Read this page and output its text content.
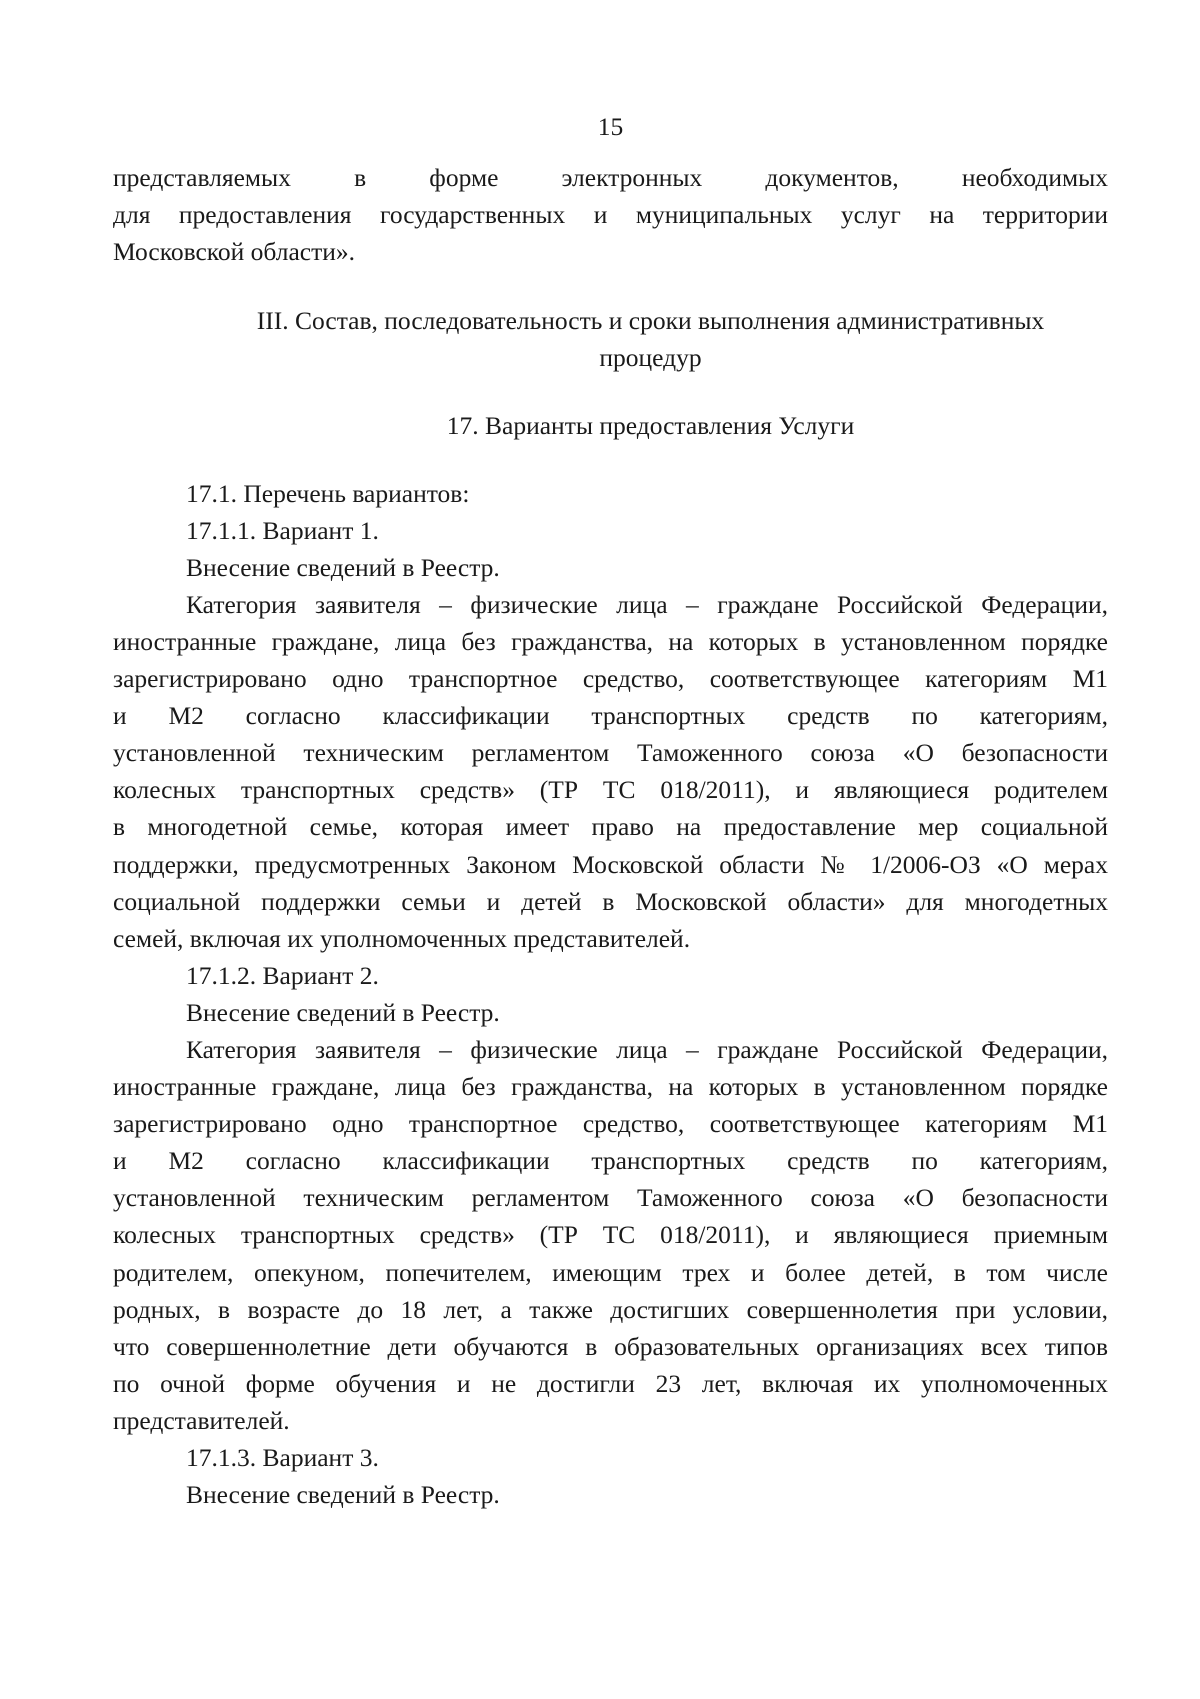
15
представляемых в форме электронных документов, необходимых
для предоставления государственных и муниципальных услуг на территории
Московской области».
III. Состав, последовательность и сроки выполнения административных
процедур
17. Варианты предоставления Услуги
17.1. Перечень вариантов:
17.1.1. Вариант 1.
Внесение сведений в Реестр.
Категория заявителя – физические лица – граждане Российской Федерации,
иностранные граждане, лица без гражданства, на которых в установленном порядке
зарегистрировано одно транспортное средство, соответствующее категориям М1
и М2 согласно классификации транспортных средств по категориям,
установленной техническим регламентом Таможенного союза «О безопасности
колесных транспортных средств» (ТР ТС 018/2011), и являющиеся родителем
в многодетной семье, которая имеет право на предоставление мер социальной
поддержки, предусмотренных Законом Московской области № 1/2006-ОЗ «О мерах
социальной поддержки семьи и детей в Московской области» для многодетных
семей, включая их уполномоченных представителей.
17.1.2. Вариант 2.
Внесение сведений в Реестр.
Категория заявителя – физические лица – граждане Российской Федерации,
иностранные граждане, лица без гражданства, на которых в установленном порядке
зарегистрировано одно транспортное средство, соответствующее категориям М1
и М2 согласно классификации транспортных средств по категориям,
установленной техническим регламентом Таможенного союза «О безопасности
колесных транспортных средств» (ТР ТС 018/2011), и являющиеся приемным
родителем, опекуном, попечителем, имеющим трех и более детей, в том числе
родных, в возрасте до 18 лет, а также достигших совершеннолетия при условии,
что совершеннолетние дети обучаются в образовательных организациях всех типов
по очной форме обучения и не достигли 23 лет, включая их уполномоченных
представителей.
17.1.3. Вариант 3.
Внесение сведений в Реестр.
